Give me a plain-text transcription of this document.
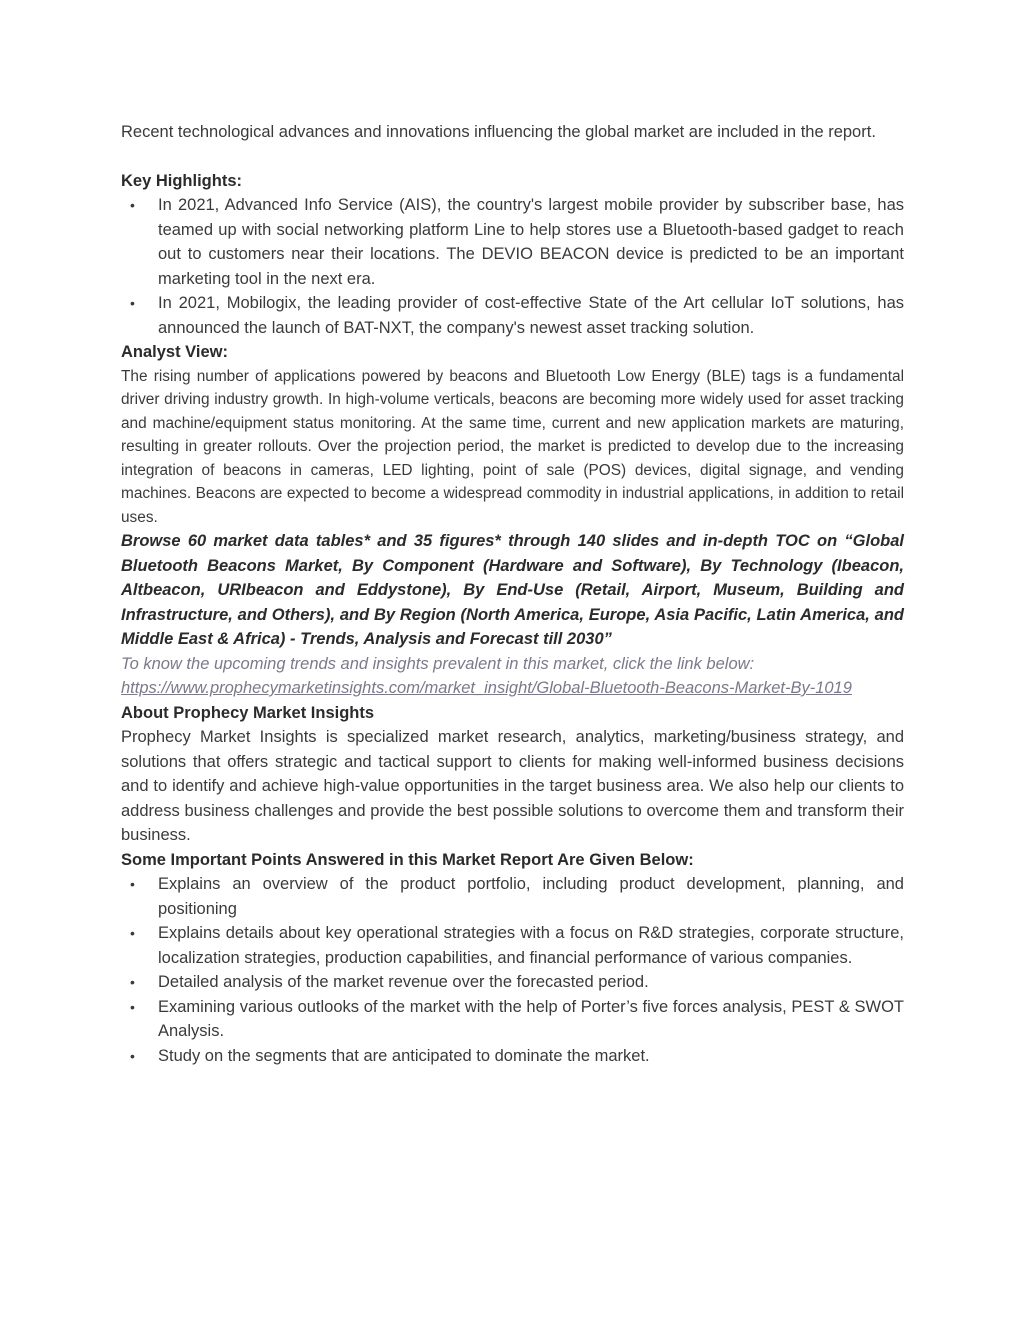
Recent technological advances and innovations influencing the global market are included in the report.

Key Highlights:
• In 2021, Advanced Info Service (AIS), the country's largest mobile provider by subscriber base, has teamed up with social networking platform Line to help stores use a Bluetooth-based gadget to reach out to customers near their locations. The DEVIO BEACON device is predicted to be an important marketing tool in the next era.
• In 2021, Mobilogix, the leading provider of cost-effective State of the Art cellular IoT solutions, has announced the launch of BAT-NXT, the company's newest asset tracking solution.
Analyst View:

The rising number of applications powered by beacons and Bluetooth Low Energy (BLE) tags is a fundamental driver driving industry growth. In high-volume verticals, beacons are becoming more widely used for asset tracking and machine/equipment status monitoring. At the same time, current and new application markets are maturing, resulting in greater rollouts. Over the projection period, the market is predicted to develop due to the increasing integration of beacons in cameras, LED lighting, point of sale (POS) devices, digital signage, and vending machines. Beacons are expected to become a widespread commodity in industrial applications, in addition to retail uses.

Browse 60 market data tables* and 35 figures* through 140 slides and in-depth TOC on “Global Bluetooth Beacons Market, By Component (Hardware and Software), By Technology (Ibeacon, Altbeacon, URIbeacon and Eddystone), By End-Use (Retail, Airport, Museum, Building and Infrastructure, and Others), and By Region (North America, Europe, Asia Pacific, Latin America, and Middle East & Africa) - Trends, Analysis and Forecast till 2030”

To know the upcoming trends and insights prevalent in this market, click the link below:

https://www.prophecymarketinsights.com/market_insight/Global-Bluetooth-Beacons-Market-By-1019
About Prophecy Market Insights

Prophecy Market Insights is specialized market research, analytics, marketing/business strategy, and solutions that offers strategic and tactical support to clients for making well-informed business decisions and to identify and achieve high-value opportunities in the target business area. We also help our clients to address business challenges and provide the best possible solutions to overcome them and transform their business.

Some Important Points Answered in this Market Report Are Given Below:
• Explains an overview of the product portfolio, including product development, planning, and positioning
• Explains details about key operational strategies with a focus on R&D strategies, corporate structure, localization strategies, production capabilities, and financial performance of various companies.
• Detailed analysis of the market revenue over the forecasted period.
• Examining various outlooks of the market with the help of Porter’s five forces analysis, PEST & SWOT Analysis.
• Study on the segments that are anticipated to dominate the market.
